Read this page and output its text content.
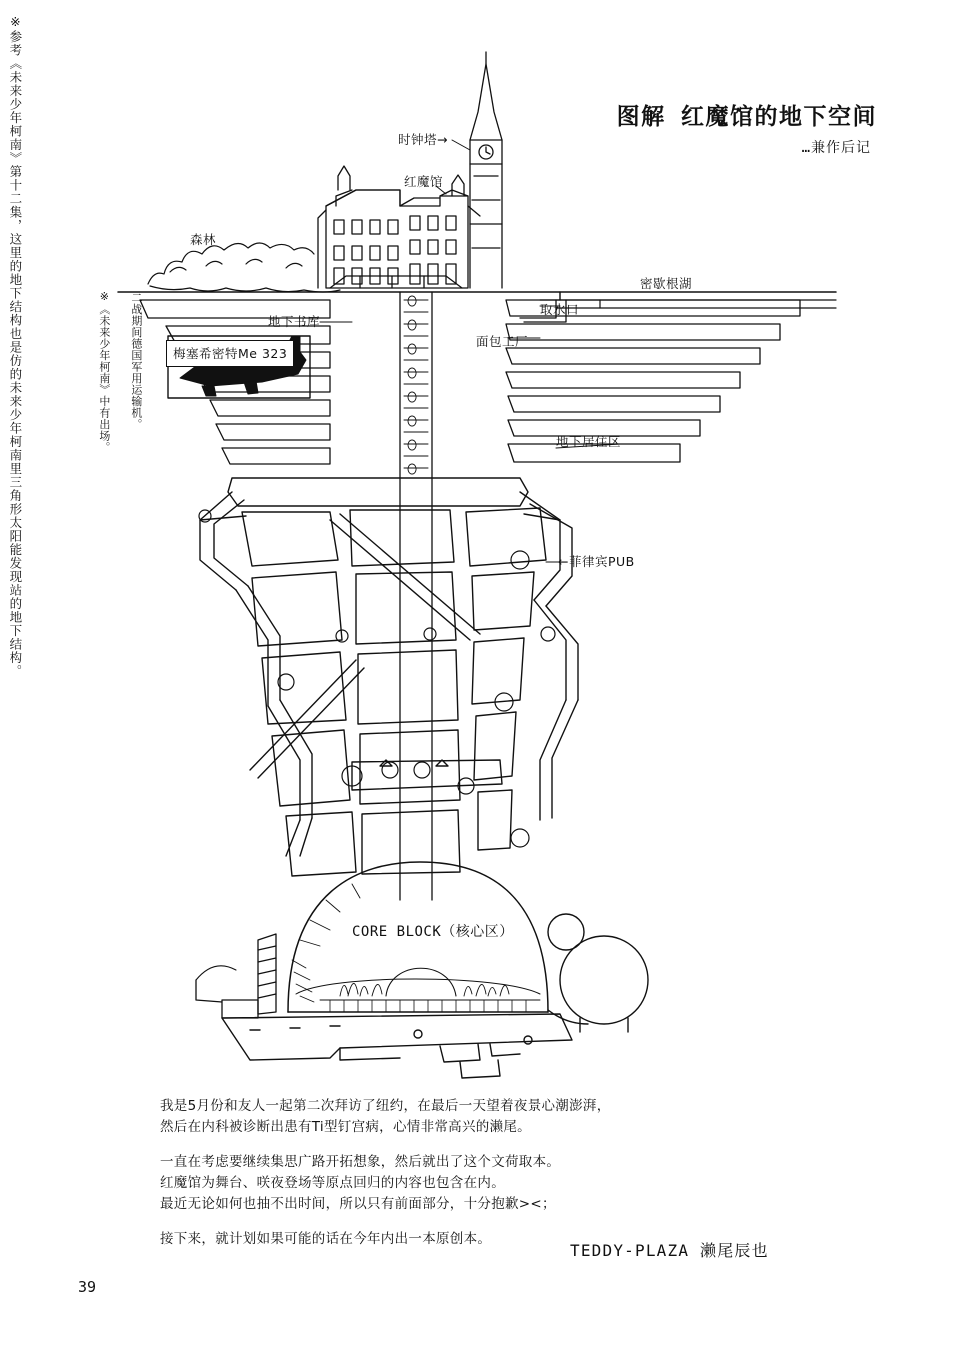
图解 红魔馆的地下空间
…兼作后记
※参考《未来少年柯南》第十二集，这里的地下结构也是仿的未来少年柯南里三角形太阳能发现站的地下结构。	※《未来少年柯南》中有出场。 二战期间德国军用运输机。
时钟塔→
红魔馆
森林
密歇根湖
取水口
地下书库
面包工厂
地下居住区
←菲律宾PUB
梅塞希密特Me 323
CORE BLOCK（核心区）

我是5月份和友人一起第二次拜访了纽约，在最后一天望着夜景心潮澎湃，
然后在内科被诊断出患有Ti型钉宫病，心情非常高兴的濑尾。

一直在考虑要继续集思广路开拓想象，然后就出了这个文荷取本。
红魔馆为舞台、咲夜登场等原点回归的内容也包含在内。
最近无论如何也抽不出时间，所以只有前面部分，十分抱歉><；

接下来，就计划如果可能的话在今年内出一本原创本。

TEDDY-PLAZA 濑尾辰也
39
